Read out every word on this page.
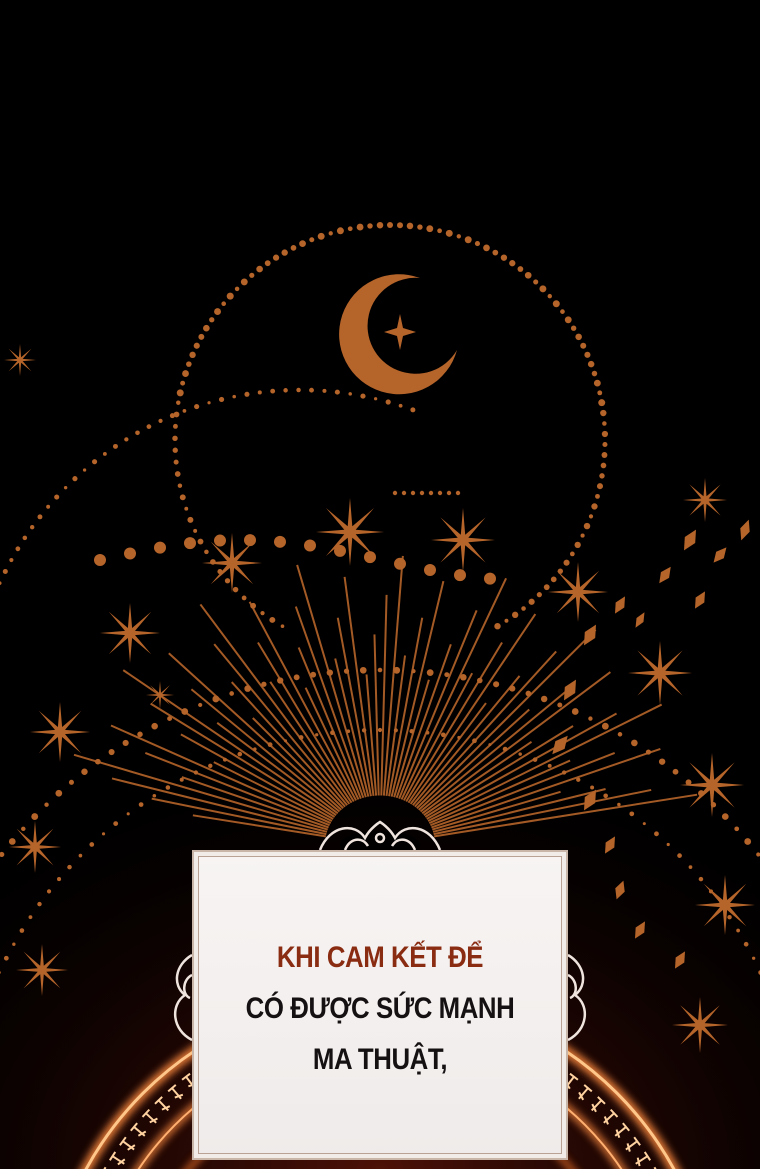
KHI CAM KẾT ĐỂ
CÓ ĐƯỢC SỨC MẠNH
MA THUẬT,
